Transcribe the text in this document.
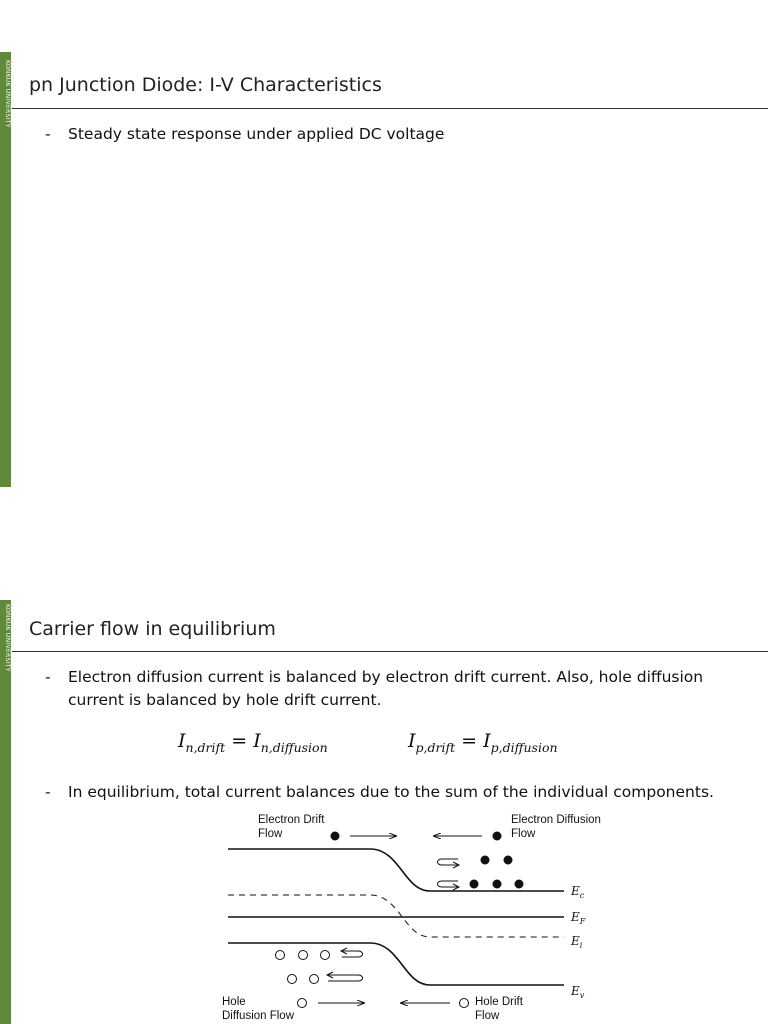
KONKUK UNIVERSITY pn Junction Diode: I-V Characteristics
- Steady state response under applied DC voltage
KONKUK UNIVERSITY Carrier flow in equilibrium
- Electron diffusion current is balanced by electron drift current. Also, hole diffusion current is balanced by hole drift current.
$I_{n,drift} = I_{n,diffusion}$	$I_{p,drift} = I_{p,diffusion}$
- In equilibrium, total current balances due to the sum of the individual components.
Electron Drift Flow
Electron Diffusion Flow
Hole Diffusion Flow
Hole Drift Flow
$E_c$
$E_F$
$E_i$
$E_v$
